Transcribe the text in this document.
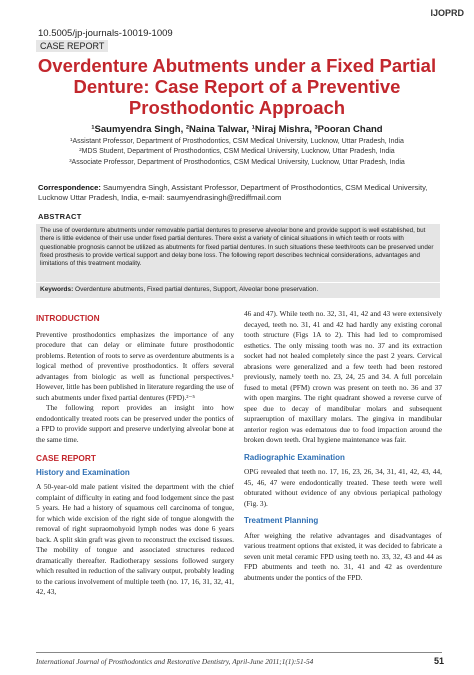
IJOPRD
10.5005/jp-journals-10019-1009
CASE REPORT
Overdenture Abutments under a Fixed Partial
Denture: Case Report of a Preventive
Prosthodontic Approach
¹Saumyendra Singh, ²Naina Talwar, ¹Niraj Mishra, ³Pooran Chand
¹Assistant Professor, Department of Prosthodontics, CSM Medical University, Lucknow, Uttar Pradesh, India
²MDS Student, Department of Prosthodontics, CSM Medical University, Lucknow, Uttar Pradesh, India
³Associate Professor, Department of Prosthodontics, CSM Medical University, Lucknow, Uttar Pradesh, India
Correspondence: Saumyendra Singh, Assistant Professor, Department of Prosthodontics, CSM Medical University, Lucknow Uttar Pradesh, India, e-mail: saumyendrasingh@rediffmail.com
ABSTRACT
The use of overdenture abutments under removable partial dentures to preserve alveolar bone and provide support is well established, but there is little evidence of their use under fixed partial dentures. There exist a variety of clinical situations in which teeth or roots with questionable prognosis cannot be utilized as abutments for fixed partial dentures. In such situations these teeth/roots can be preserved under fixed prosthesis to provide vertical support and delay bone loss. The following report describes technical considerations, advantages and limitations of this treatment modality.
Keywords: Overdenture abutments, Fixed partial dentures, Support, Alveolar bone preservation.
INTRODUCTION

Preventive prosthodontics emphasizes the importance of any procedure that can delay or eliminate future prosthodontic problems. Retention of roots to serve as overdenture abutments is a logical method of preventive prosthodontics. It offers several advantages from biologic as well as functional perspectives.¹ However, little has been published in literature regarding the use of such abutments under fixed partial dentures (FPD).²⁻⁵

The following report provides an insight into how endodontically treated roots can be preserved under the pontics of a FPD to provide support and preserve underlying alveolar bone at the same time.

CASE REPORT
History and Examination

A 50-year-old male patient visited the department with the chief complaint of difficulty in eating and food lodgement since the past 5 years. He had a history of squamous cell carcinoma of tongue, for which wide excision of the right side of tongue alongwith the removal of right supraomohyoid lymph nodes was done 6 years back. A split skin graft was given to reconstruct the excised tissues. The mobility of tongue and associated structures reduced dramatically thereafter. Radiotherapy sessions followed surgery which resulted in reduction of the salivary output, probably leading to the carious involvement of multiple teeth (no. 17, 16, 31, 32, 41, 42, 43,

46 and 47). While teeth no. 32, 31, 41, 42 and 43 were extensively decayed, teeth no. 31, 41 and 42 had hardly any existing coronal tooth structure (Figs 1A to 2). This had led to compromised esthetics. The only missing tooth was no. 37 and its extraction socket had not healed completely since the past 2 years. Cervical abrasions were generalized and a few teeth had been restored previously, namely teeth no. 23, 24, 25 and 34. A full porcelain fused to metal (PFM) crown was present on teeth no. 36 and 37 with open margins. The right quadrant showed a reverse curve of spee due to decay of mandibular molars and subsequent supraeruption of maxillary molars. The gingiva in mandibular anterior region was edematous due to food impaction around the broken down teeth. Oral hygiene maintenance was fair.

Radiographic Examination

OPG revealed that teeth no. 17, 16, 23, 26, 34, 31, 41, 42, 43, 44, 45, 46, 47 were endodontically treated. These teeth were well obturated without evidence of any obvious periapical pathology (Fig. 3).

Treatment Planning

After weighing the relative advantages and disadvantages of various treatment options that existed, it was decided to fabricate a seven unit metal ceramic FPD using teeth no. 33, 32, 43 and 44 as FPD abutments and teeth no. 31, 41 and 42 as overdenture abutments under the pontics of the FPD.

International Journal of Prosthodontics and Restorative Dentistry, April-June 2011;1(1):51-54	51
